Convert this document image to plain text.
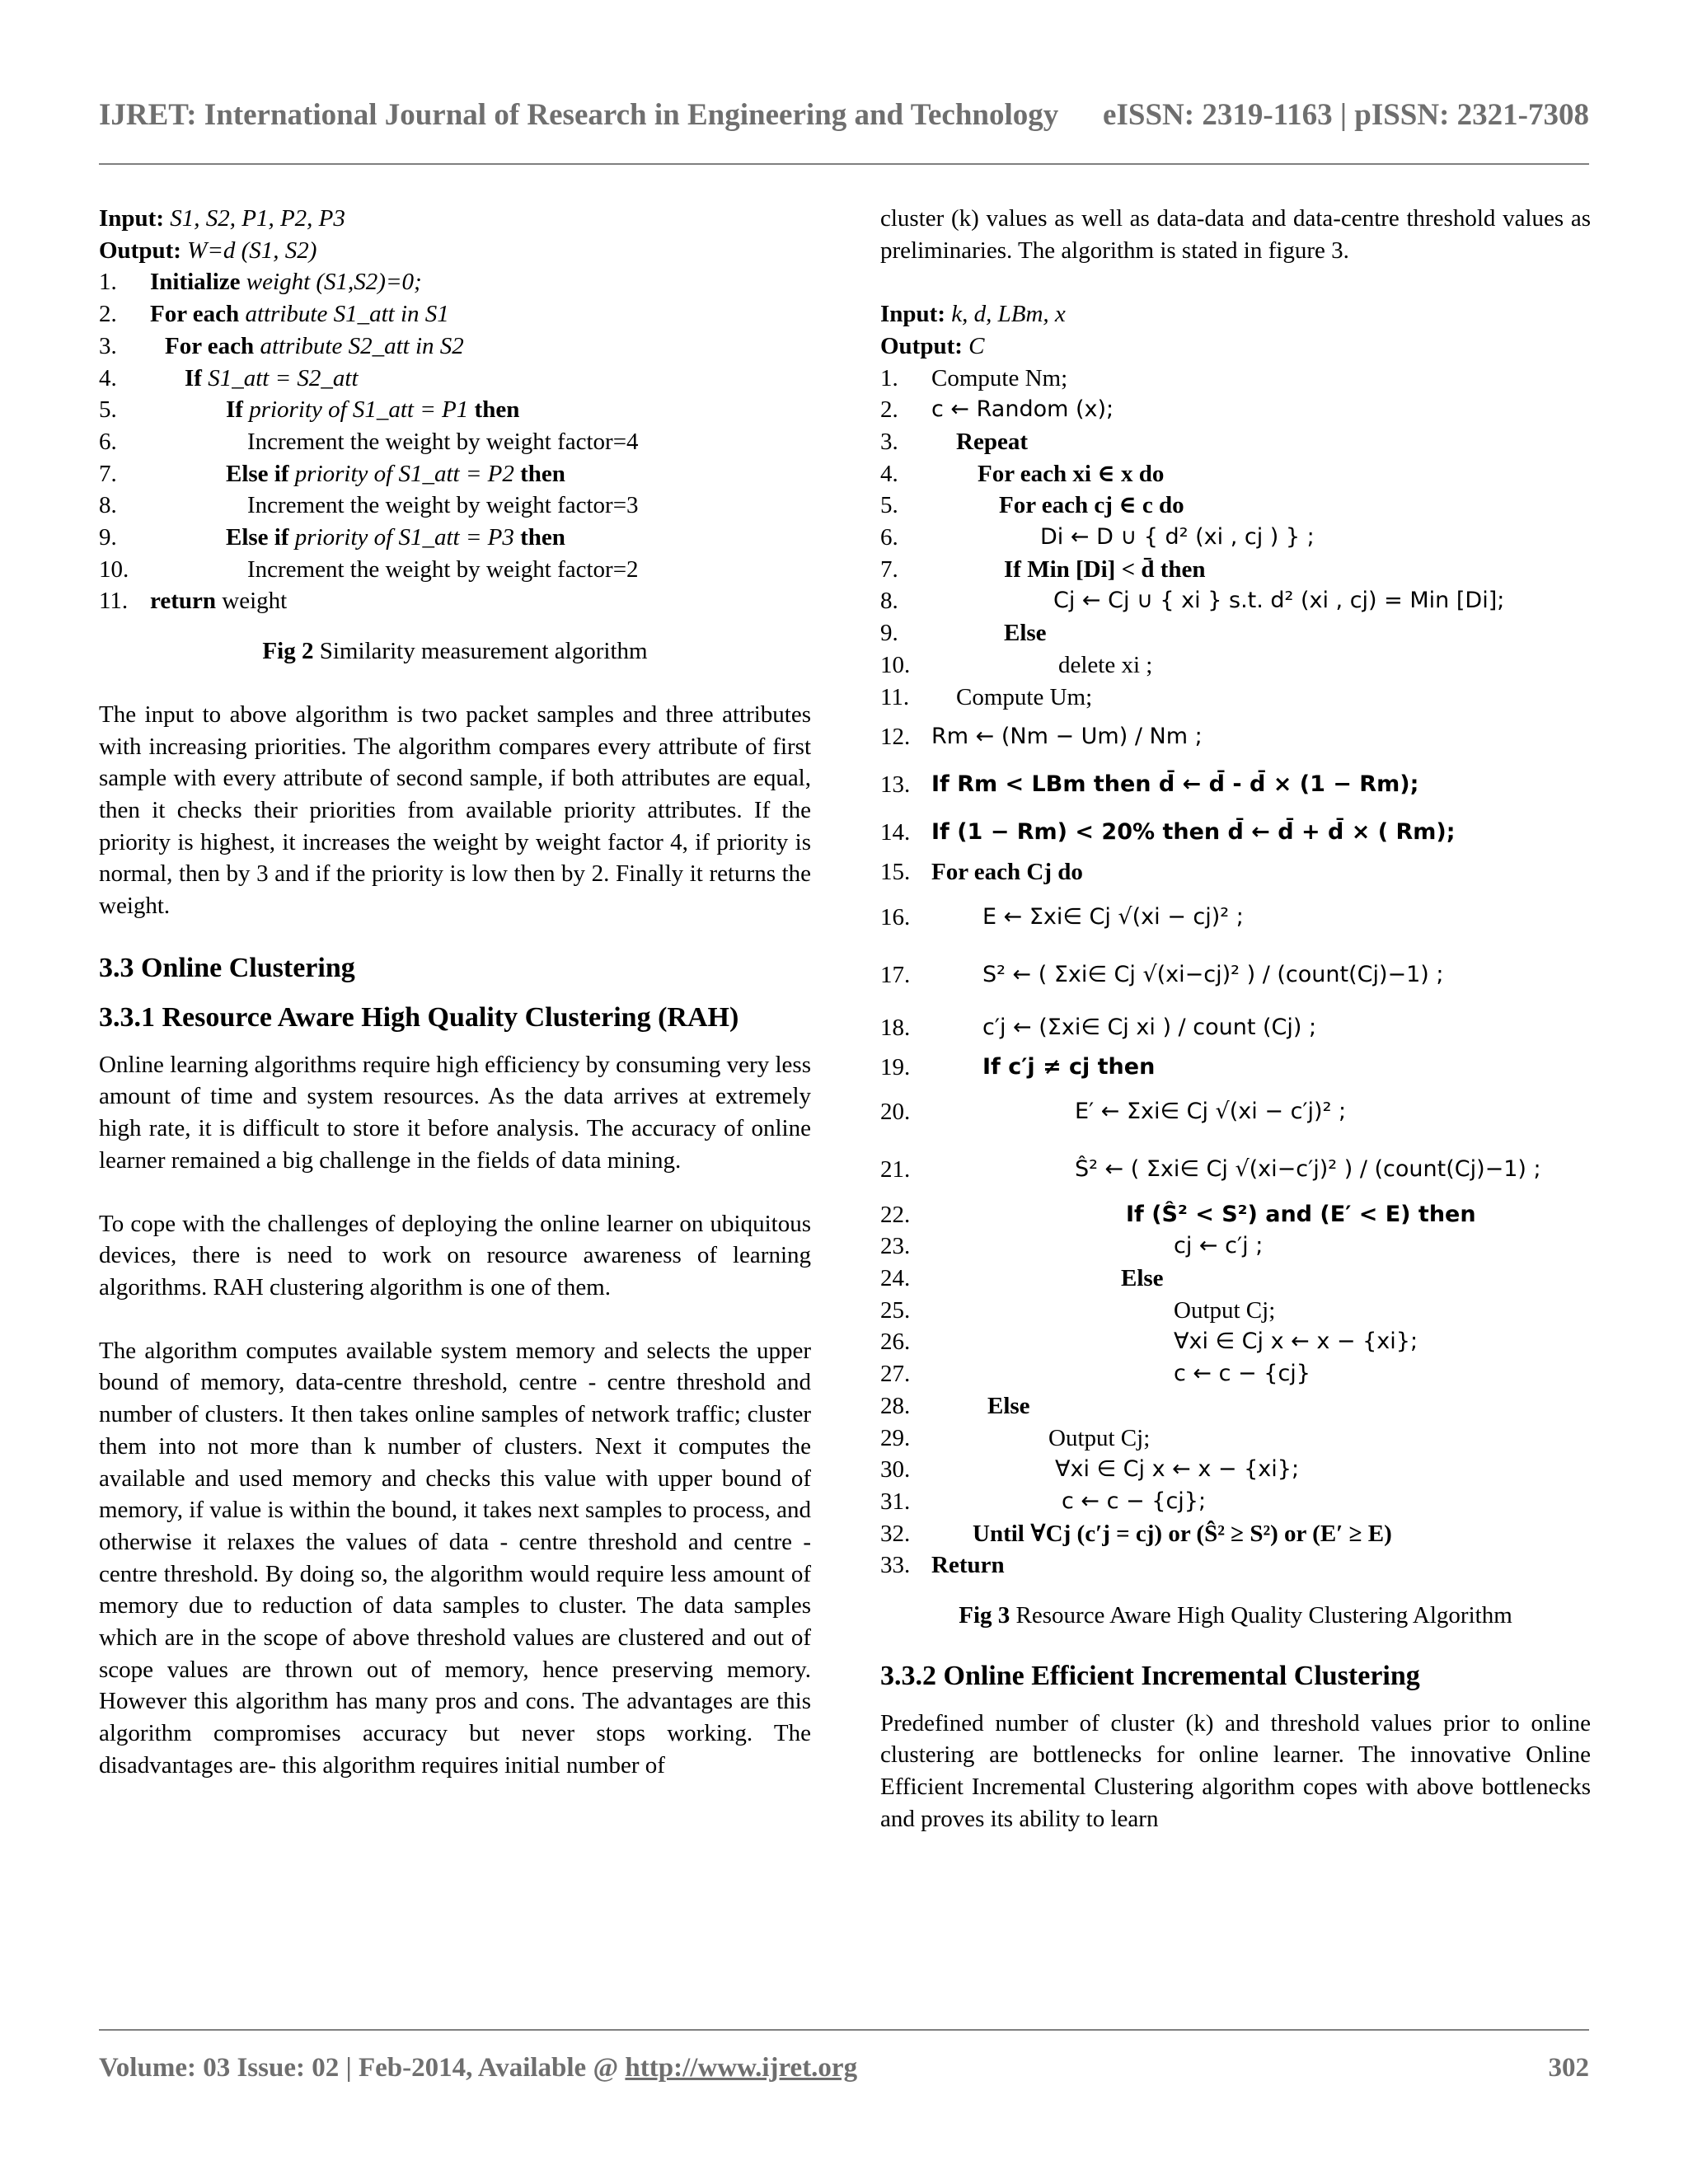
IJRET: International Journal of Research in Engineering and Technology eISSN: 2319-1163 | pISSN: 2321-7308
Input: S1, S2, P1, P2, P3
Output: W=d (S1, S2)
1. Initialize weight (S1,S2)=0;
2. For each attribute S1_att in S1
3. For each attribute S2_att in S2
4.	If S1_att = S2_att
5.	If priority of S1_att = P1 then
6.	Increment the weight by weight factor=4
7.	Else if priority of S1_att = P2 then
8.	Increment the weight by weight factor=3
9.	Else if priority of S1_att = P3 then
10.	Increment the weight by weight factor=2
11. return weight
Fig 2 Similarity measurement algorithm

The input to above algorithm is two packet samples and three attributes with increasing priorities. The algorithm compares every attribute of first sample with every attribute of second sample, if both attributes are equal, then it checks their priorities from available priority attributes. If the priority is highest, it increases the weight by weight factor 4, if priority is normal, then by 3 and if the priority is low then by 2. Finally it returns the weight.

3.3 Online Clustering
3.3.1 Resource Aware High Quality Clustering (RAH)

Online learning algorithms require high efficiency by consuming very less amount of time and system resources. As the data arrives at extremely high rate, it is difficult to store it before analysis. The accuracy of online learner remained a big challenge in the fields of data mining.

To cope with the challenges of deploying the online learner on ubiquitous devices, there is need to work on resource awareness of learning algorithms. RAH clustering algorithm is one of them.

The algorithm computes available system memory and selects the upper bound of memory, data-centre threshold, centre - centre threshold and number of clusters. It then takes online samples of network traffic; cluster them into not more than k number of clusters. Next it computes the available and used memory and checks this value with upper bound of memory, if value is within the bound, it takes next samples to process, and otherwise it relaxes the values of data - centre threshold and centre - centre threshold. By doing so, the algorithm would require less amount of memory due to reduction of data samples to cluster. The data samples which are in the scope of above threshold values are clustered and out of scope values are thrown out of memory, hence preserving memory. However this algorithm has many pros and cons. The advantages are this algorithm compromises accuracy but never stops working. The disadvantages are- this algorithm requires initial number of

cluster (k) values as well as data-data and data-centre threshold values as preliminaries. The algorithm is stated in figure 3.

Input: k, d, LBm, x
Output: C
1.	Compute Nm;
2.	c ← Random (x);
3.	Repeat
4.	For each xi ∈ x do
5.	For each cj ∈ c do
6.	Di ← D ∪ { d² (xi , cj ) } ;
7.	If Min [Di] < d̄ then
8.	Cj ← Cj ∪ { xi } s.t. d² (xi , cj) = Min [Di];
9.	Else
10.	delete xi ;
11.	Compute Um;
12. Rm ← (Nm − Um) / Nm ;
13. If Rm < LBm then d̄ ← d̄ - d̄ × (1 − Rm);
14. If (1 − Rm) < 20% then d̄ ← d̄ + d̄ × ( Rm);
15. For each Cj do
16.	E ← Σxi∈ Cj √(xi − cj)² ;
17.	S² ← ( Σxi∈ Cj √(xi−cj)² ) / (count(Cj)−1) ;
18.	c′j ← (Σxi∈ Cj xi ) / count (Cj) ;
19.	If c′j ≠ cj then
20.	E′ ← Σxi∈ Cj √(xi − c′j)² ;
21.	Ŝ² ← ( Σxi∈ Cj √(xi−c′j)² ) / (count(Cj)−1) ;
22.	If (Ŝ² < S²) and (E′ < E) then
23.	cj ← c′j ;
24.	Else
25.	Output Cj;
26.	∀xi ∈ Cj x ← x − {xi};
27.	c ← c − {cj}
28.	Else
29.	Output Cj;
30.	∀xi ∈ Cj x ← x − {xi};
31.	c ← c − {cj};
32.	Until ∀Cj (c′j = cj) or (Ŝ² ≥ S²) or (E′ ≥ E)
33. Return
Fig 3 Resource Aware High Quality Clustering Algorithm
3.3.2 Online Efficient Incremental Clustering

Predefined number of cluster (k) and threshold values prior to online clustering are bottlenecks for online learner. The innovative Online Efficient Incremental Clustering algorithm copes with above bottlenecks and proves its ability to learn

Volume: 03 Issue: 02 | Feb-2014, Available @ http://www.ijret.org	302
